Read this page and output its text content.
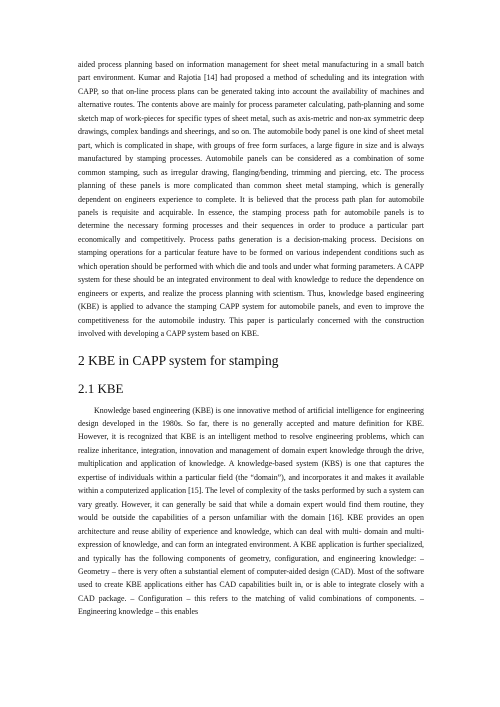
aided process planning based on information management for sheet metal manufacturing in a small batch part environment. Kumar and Rajotia [14] had proposed a method of scheduling and its integration with CAPP, so that on-line process plans can be generated taking into account the availability of machines and alternative routes. The contents above are mainly for process parameter calculating, path-planning and some sketch map of work-pieces for specific types of sheet metal, such as axis-metric and non-ax symmetric deep drawings, complex bandings and sheerings, and so on. The automobile body panel is one kind of sheet metal part, which is complicated in shape, with groups of free form surfaces, a large figure in size and is always manufactured by stamping processes. Automobile panels can be considered as a combination of some common stamping, such as irregular drawing, flanging/bending, trimming and piercing, etc. The process planning of these panels is more complicated than common sheet metal stamping, which is generally dependent on engineers experience to complete. It is believed that the process path plan for automobile panels is requisite and acquirable. In essence, the stamping process path for automobile panels is to determine the necessary forming processes and their sequences in order to produce a particular part economically and competitively. Process paths generation is a decision-making process. Decisions on stamping operations for a particular feature have to be formed on various independent conditions such as which operation should be performed with which die and tools and under what forming parameters. A CAPP system for these should be an integrated environment to deal with knowledge to reduce the dependence on engineers or experts, and realize the process planning with scientism. Thus, knowledge based engineering (KBE) is applied to advance the stamping CAPP system for automobile panels, and even to improve the competitiveness for the automobile industry. This paper is particularly concerned with the construction involved with developing a CAPP system based on KBE.

2 KBE in CAPP system for stamping
2.1 KBE

Knowledge based engineering (KBE) is one innovative method of artificial intelligence for engineering design developed in the 1980s. So far, there is no generally accepted and mature definition for KBE. However, it is recognized that KBE is an intelligent method to resolve engineering problems, which can realize inheritance, integration, innovation and management of domain expert knowledge through the drive, multiplication and application of knowledge. A knowledge-based system (KBS) is one that captures the expertise of individuals within a particular field (the “domain”), and incorporates it and makes it available within a computerized application [15]. The level of complexity of the tasks performed by such a system can vary greatly. However, it can generally be said that while a domain expert would find them routine, they would be outside the capabilities of a person unfamiliar with the domain [16]. KBE provides an open architecture and reuse ability of experience and knowledge, which can deal with multi- domain and multi-expression of knowledge, and can form an integrated environment. A KBE application is further specialized, and typically has the following components of geometry, configuration, and engineering knowledge: – Geometry – there is very often a substantial element of computer-aided design (CAD). Most of the software used to create KBE applications either has CAD capabilities built in, or is able to integrate closely with a CAD package. – Configuration – this refers to the matching of valid combinations of components. – Engineering knowledge – this enables
